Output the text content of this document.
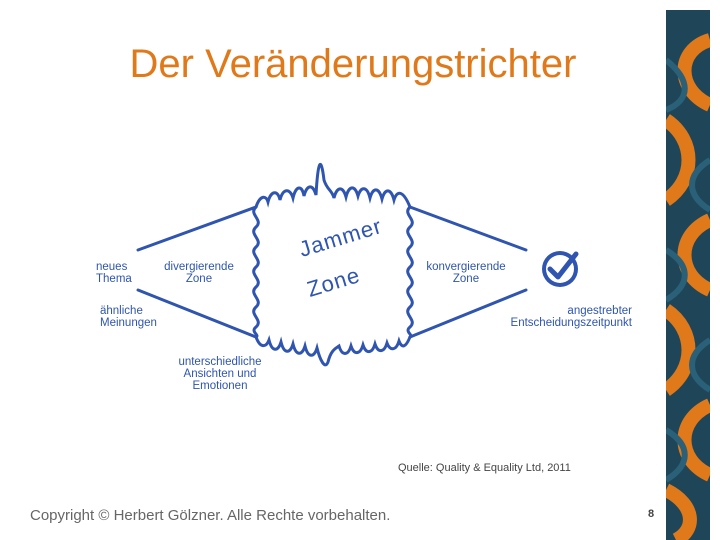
Der Veränderungstrichter
neues
Thema
divergierende
Zone
ähnliche
Meinungen
unterschiedliche
Ansichten und
Emotionen
Jammer
Zone	konvergierende
Zone
angestrebter
Entscheidungszeitpunkt
Quelle: Quality & Equality Ltd, 2011
Copyright © Herbert Gölzner. Alle Rechte vorbehalten.	8
